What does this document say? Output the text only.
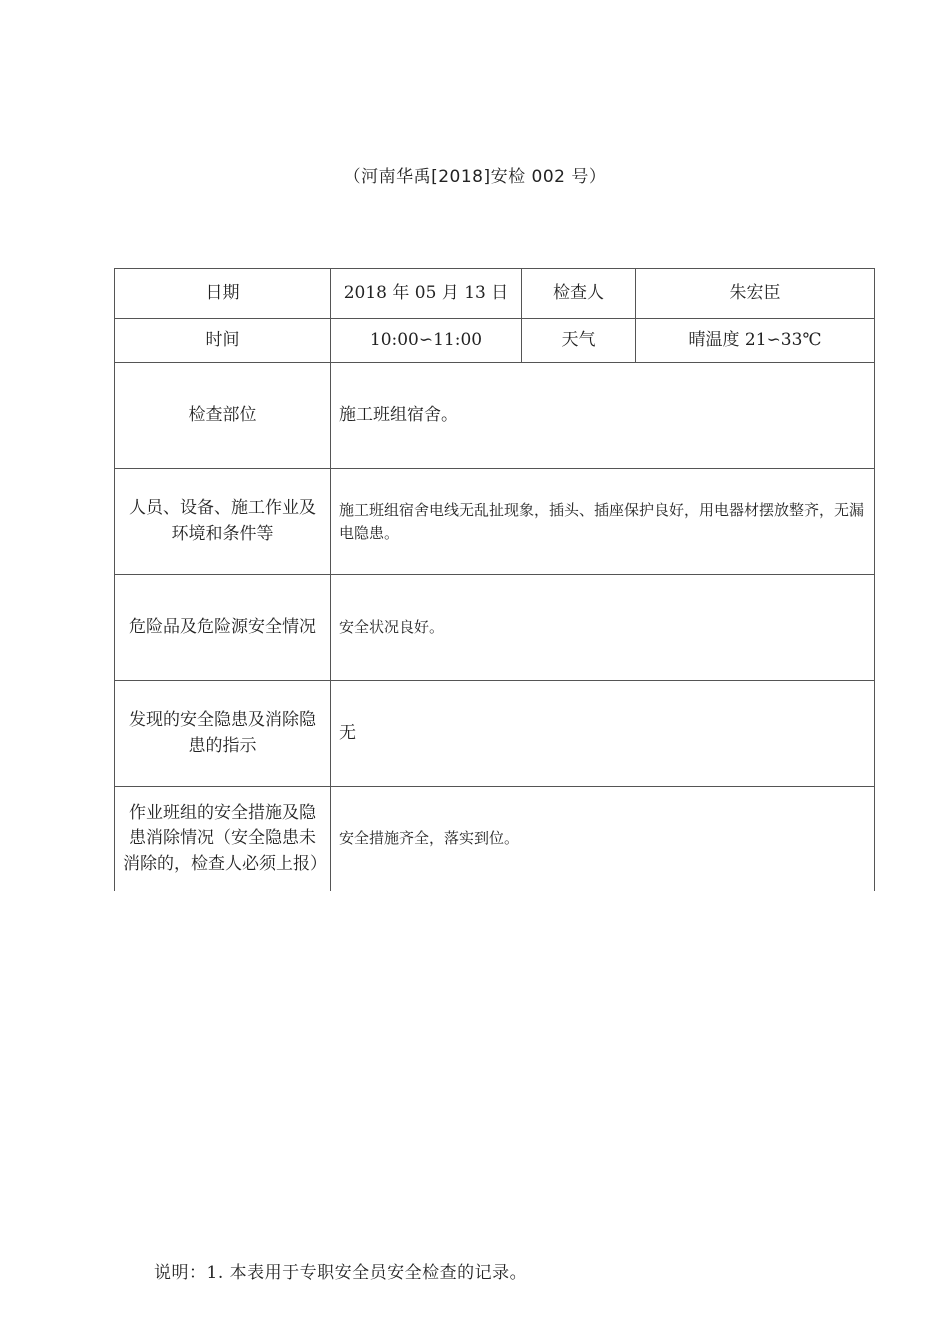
（河南华禹[2018]安检 002 号）
日期	2018 年 05 月 13 日	检查人	朱宏臣
时间	10:00∽11:00	天气	晴温度 21∽33℃
检查部位	施工班组宿舍。		
人员、设备、施工作业及环境和条件等	施工班组宿舍电线无乱扯现象，插头、插座保护良好，用电器材摆放整齐，无漏电隐患。		
危险品及危险源安全情况	安全状况良好。		
发现的安全隐患及消除隐患的指示	无		
作业班组的安全措施及隐患消除情况（安全隐患未消除的，检查人必须上报）	安全措施齐全，落实到位。		
说明：1. 本表用于专职安全员安全检查的记录。
